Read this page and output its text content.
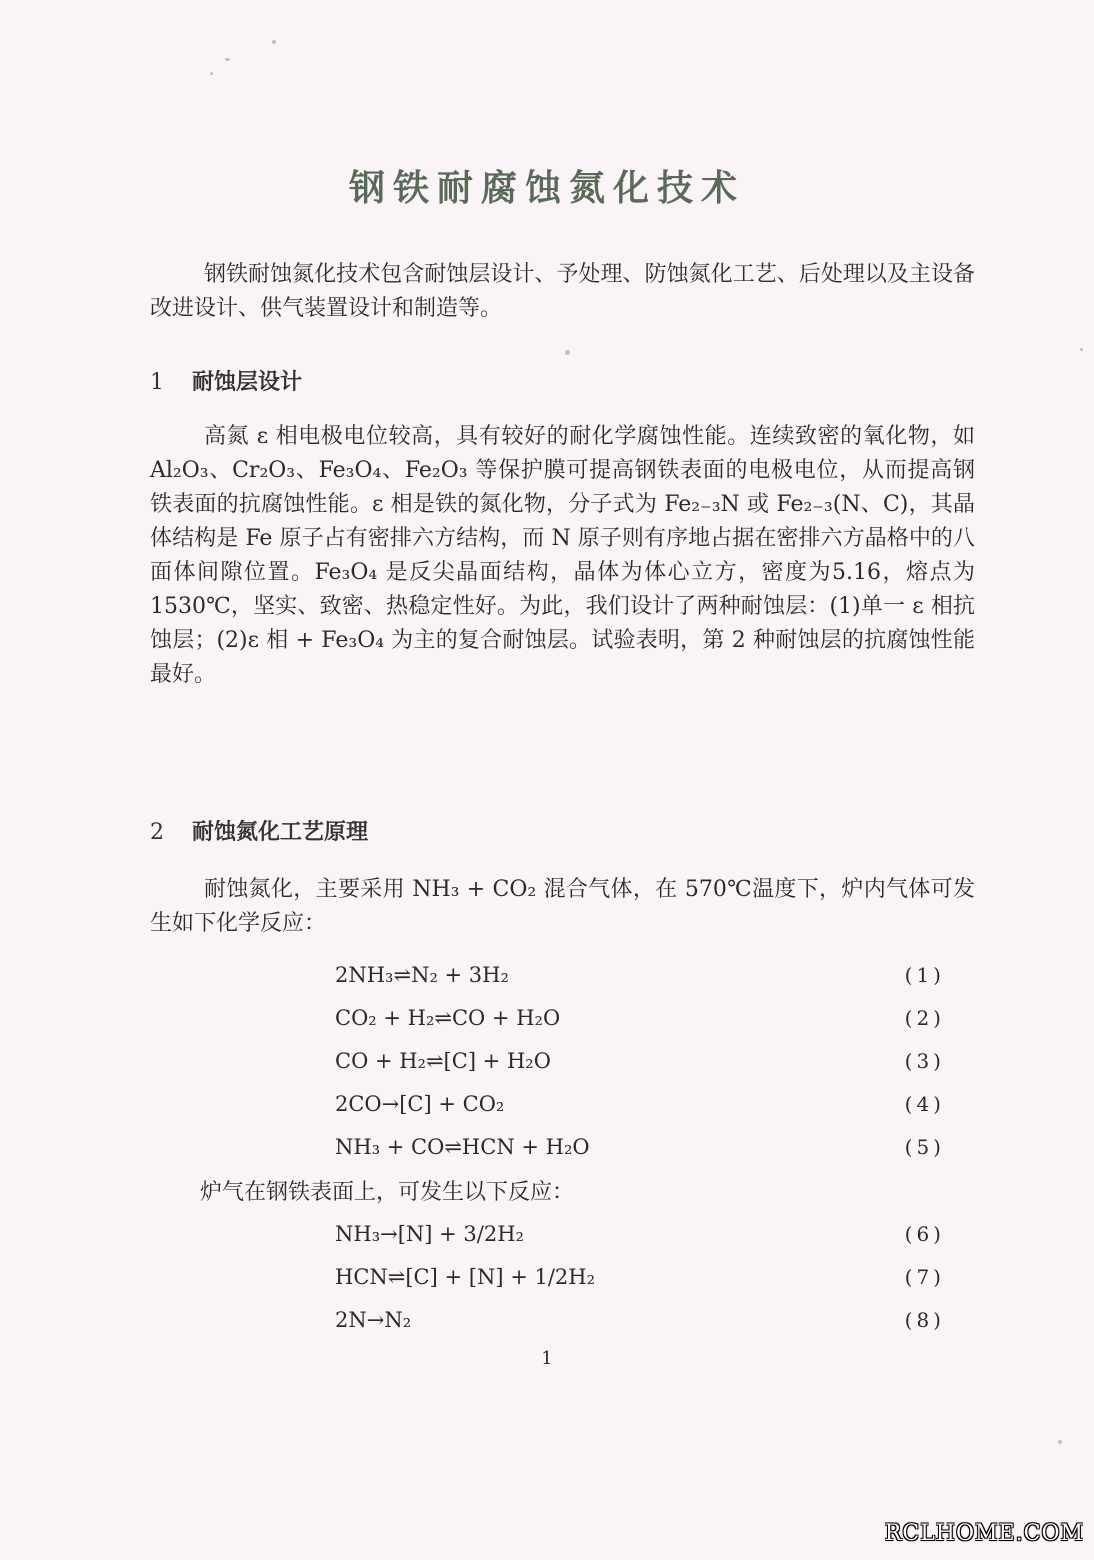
钢铁耐腐蚀氮化技术

钢铁耐蚀氮化技术包含耐蚀层设计、予处理、防蚀氮化工艺、后处理以及主设备改进设计、供气装置设计和制造等。

1 耐蚀层设计

高氮 ε 相电极电位较高，具有较好的耐化学腐蚀性能。连续致密的氧化物，如 Al₂O₃、Cr₂O₃、Fe₃O₄、Fe₂O₃ 等保护膜可提高钢铁表面的电极电位，从而提高钢铁表面的抗腐蚀性能。ε 相是铁的氮化物，分子式为 Fe₂₋₃N 或 Fe₂₋₃(N、C)，其晶体结构是 Fe 原子占有密排六方结构，而 N 原子则有序地占据在密排六方晶格中的八面体间隙位置。Fe₃O₄ 是反尖晶面结构，晶体为体心立方，密度为5.16，熔点为 1530℃，坚实、致密、热稳定性好。为此，我们设计了两种耐蚀层：(1)单一 ε 相抗蚀层；(2)ε 相 + Fe₃O₄ 为主的复合耐蚀层。试验表明，第 2 种耐蚀层的抗腐蚀性能最好。

2 耐蚀氮化工艺原理

耐蚀氮化，主要采用 NH₃ + CO₂ 混合气体，在 570℃温度下，炉内气体可发生如下化学反应：

2NH₃⇌N₂ + 3H₂	(1)
CO₂ + H₂⇌CO + H₂O	(2)
CO + H₂⇌[C] + H₂O	(3)
2CO→[C] + CO₂	(4)
NH₃ + CO⇌HCN + H₂O	(5)
炉气在钢铁表面上，可发生以下反应：
NH₃→[N] + 3/2H₂	(6)
HCN⇌[C] + [N] + 1/2H₂	(7)
2N→N₂	(8)
1
RCLHOME.COM
